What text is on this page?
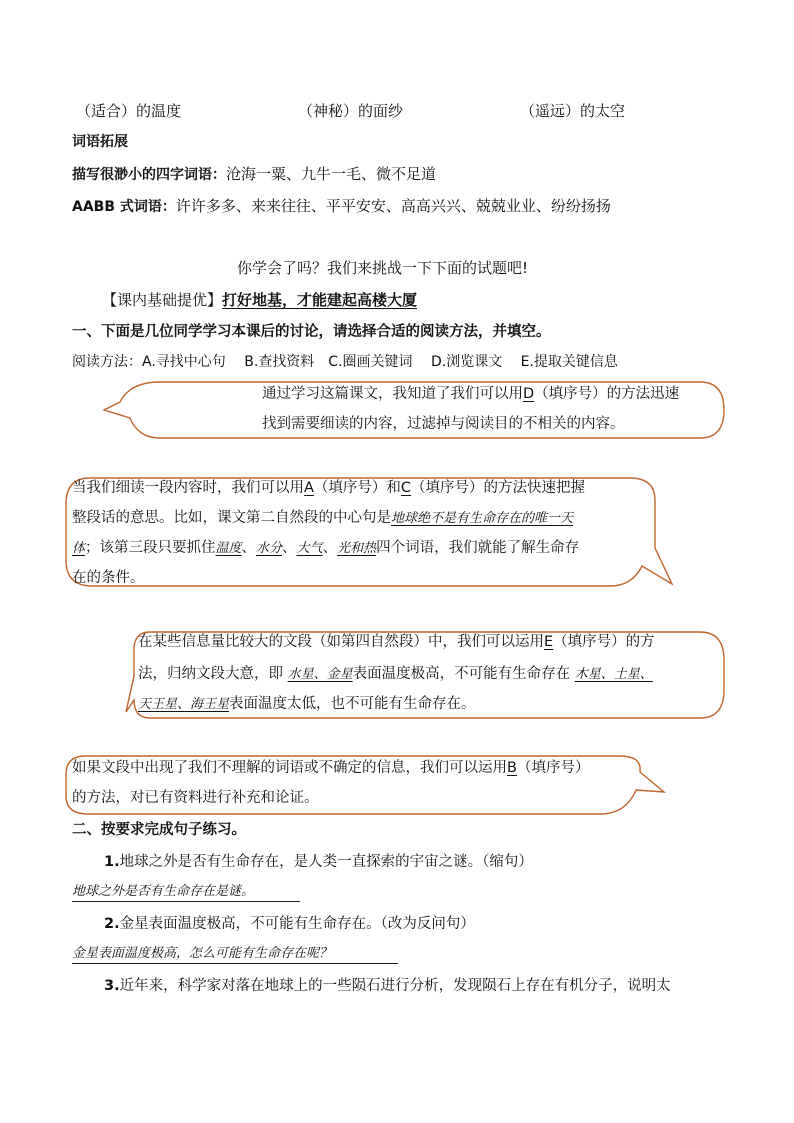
（适合）的温度	（神秘）的面纱	（遥远）的太空
词语拓展
描写很渺小的四字词语：沧海一粟、九牛一毛、微不足道
AABB 式词语：许许多多、来来往往、平平安安、高高兴兴、兢兢业业、纷纷扬扬
你学会了吗？我们来挑战一下下面的试题吧!
【课内基础提优】打好地基，才能建起高楼大厦
一、下面是几位同学学习本课后的讨论，请选择合适的阅读方法，并填空。
阅读方法：A.寻找中心句　 B.查找资料　C.圈画关键词　 D.浏览课文　 E.提取关键信息
通过学习这篇课文，我知道了我们可以用D（填序号）的方法迅速
找到需要细读的内容，过滤掉与阅读目的不相关的内容。
当我们细读一段内容时，我们可以用A（填序号）和C（填序号）的方法快速把握
整段话的意思。比如，课文第二自然段的中心句是地球绝不是有生命存在的唯一天
体；该第三段只要抓住温度、水分、大气、光和热四个词语，我们就能了解生命存
在的条件。
在某些信息量比较大的文段（如第四自然段）中，我们可以运用E（填序号）的方
法，归纳文段大意，即 水星、金星表面温度极高，不可能有生命存在 木星、土星、
天王星、海王星表面温度太低，也不可能有生命存在。
如果文段中出现了我们不理解的词语或不确定的信息，我们可以运用B（填序号）
的方法，对已有资料进行补充和论证。
二、按要求完成句子练习。
1.地球之外是否有生命存在，是人类一直探索的宇宙之谜。（缩句）
地球之外是否有生命存在是谜。
2.金星表面温度极高，不可能有生命存在。（改为反问句）
金星表面温度极高，怎么可能有生命存在呢？
3.近年来，科学家对落在地球上的一些陨石进行分析，发现陨石上存在有机分子，说明太
